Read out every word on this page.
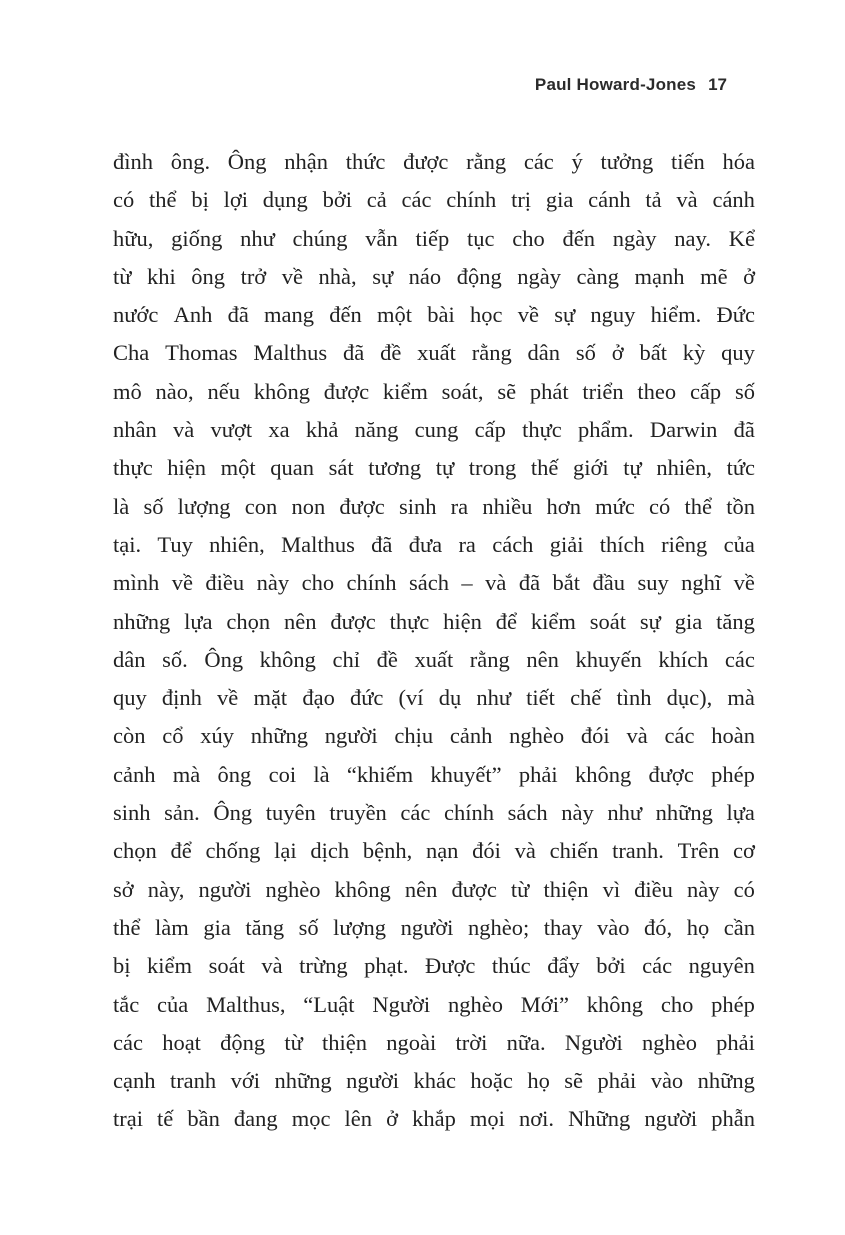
Paul Howard-Jones 17
đình ông. Ông nhận thức được rằng các ý tưởng tiến hóa
có thể bị lợi dụng bởi cả các chính trị gia cánh tả và cánh
hữu, giống như chúng vẫn tiếp tục cho đến ngày nay. Kể
từ khi ông trở về nhà, sự náo động ngày càng mạnh mẽ ở
nước Anh đã mang đến một bài học về sự nguy hiểm. Đức
Cha Thomas Malthus đã đề xuất rằng dân số ở bất kỳ quy
mô nào, nếu không được kiểm soát, sẽ phát triển theo cấp số
nhân và vượt xa khả năng cung cấp thực phẩm. Darwin đã
thực hiện một quan sát tương tự trong thế giới tự nhiên, tức
là số lượng con non được sinh ra nhiều hơn mức có thể tồn
tại. Tuy nhiên, Malthus đã đưa ra cách giải thích riêng của
mình về điều này cho chính sách – và đã bắt đầu suy nghĩ về
những lựa chọn nên được thực hiện để kiểm soát sự gia tăng
dân số. Ông không chỉ đề xuất rằng nên khuyến khích các
quy định về mặt đạo đức (ví dụ như tiết chế tình dục), mà
còn cổ xúy những người chịu cảnh nghèo đói và các hoàn
cảnh mà ông coi là “khiếm khuyết” phải không được phép
sinh sản. Ông tuyên truyền các chính sách này như những lựa
chọn để chống lại dịch bệnh, nạn đói và chiến tranh. Trên cơ
sở này, người nghèo không nên được từ thiện vì điều này có
thể làm gia tăng số lượng người nghèo; thay vào đó, họ cần
bị kiểm soát và trừng phạt. Được thúc đẩy bởi các nguyên
tắc của Malthus, “Luật Người nghèo Mới” không cho phép
các hoạt động từ thiện ngoài trời nữa. Người nghèo phải
cạnh tranh với những người khác hoặc họ sẽ phải vào những
trại tế bần đang mọc lên ở khắp mọi nơi. Những người phẫn
